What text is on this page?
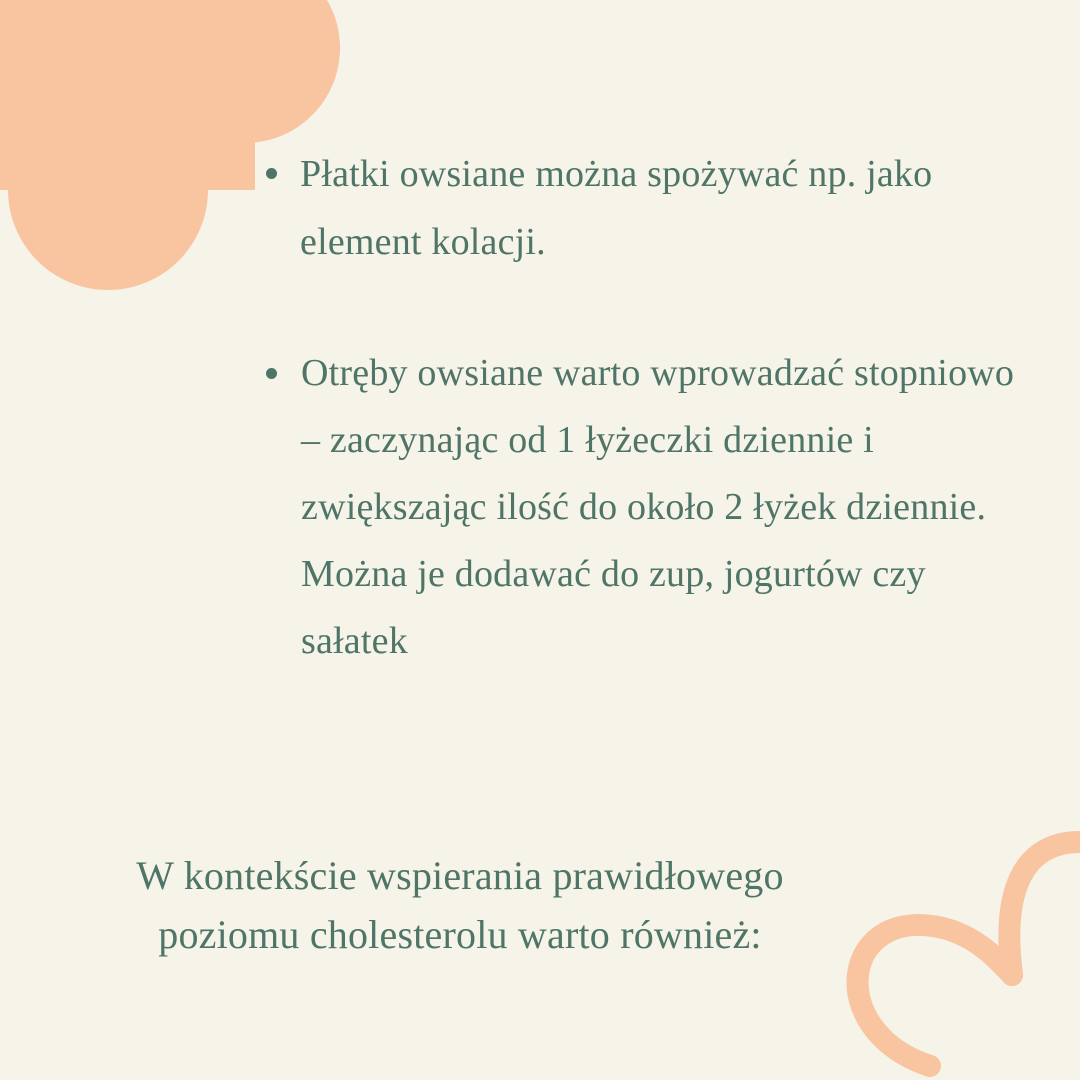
Płatki owsiane można spożywać np. jako element kolacji.
Otręby owsiane warto wprowadzać stopniowo – zaczynając od 1 łyżeczki dziennie i zwiększając ilość do około 2 łyżek dziennie. Można je dodawać do zup, jogurtów czy sałatek
W kontekście wspierania prawidłowego poziomu cholesterolu warto również:
